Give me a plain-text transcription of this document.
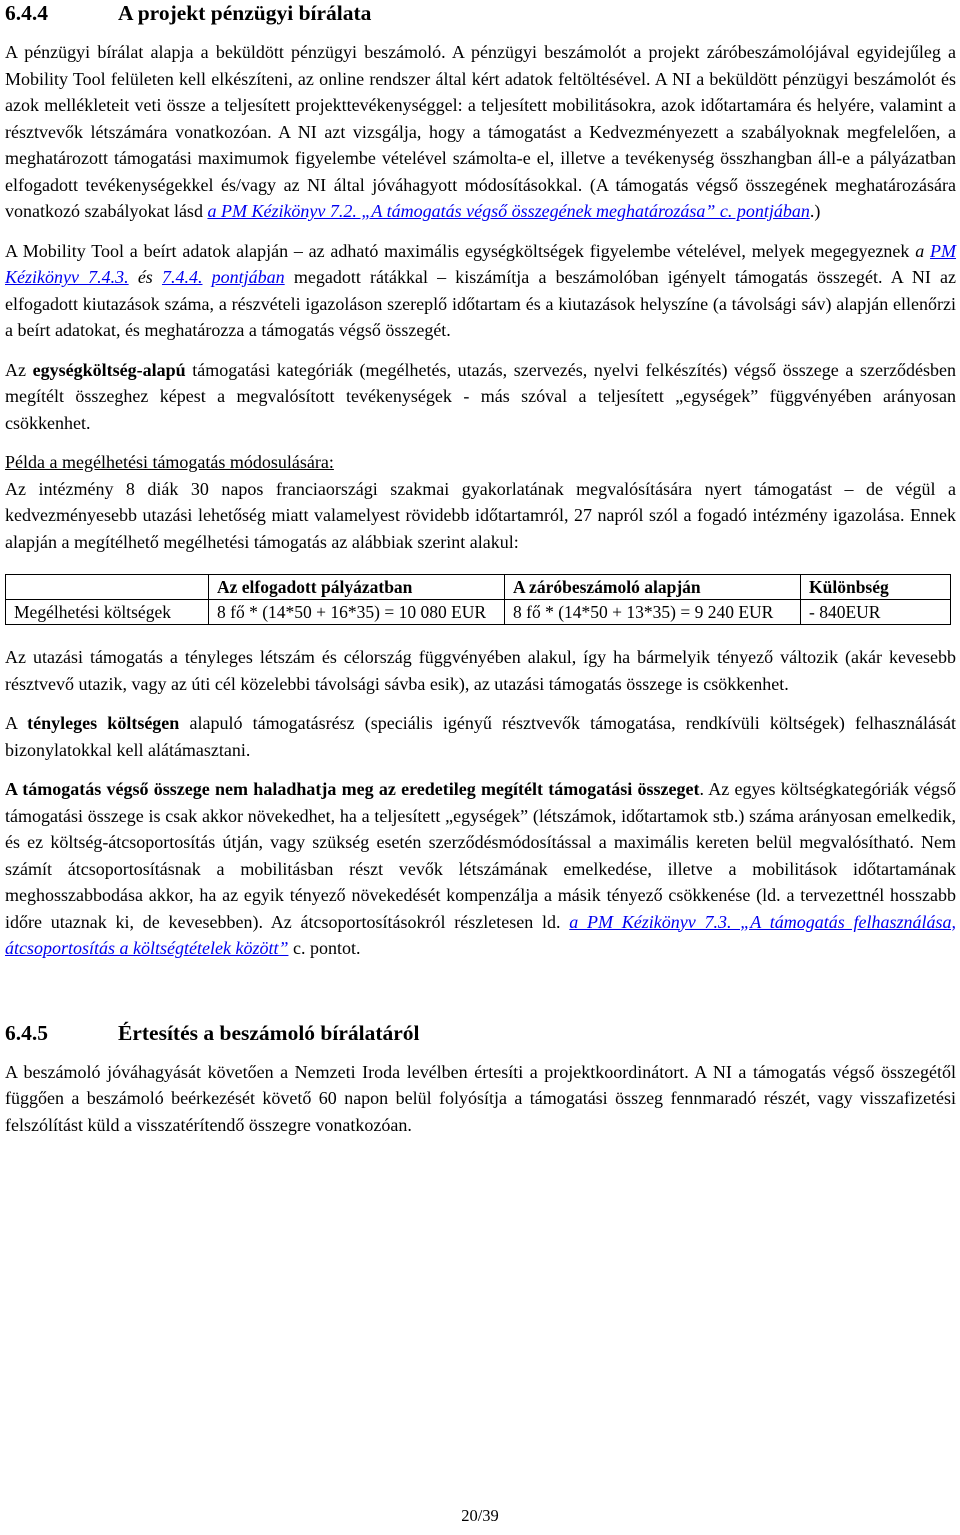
6.4.4	A projekt pénzügyi bírálata

A pénzügyi bírálat alapja a beküldött pénzügyi beszámoló. A pénzügyi beszámolót a projekt záróbeszámolójával egyidejűleg a Mobility Tool felületen kell elkészíteni, az online rendszer által kért adatok feltöltésével. A NI a beküldött pénzügyi beszámolót és azok mellékleteit veti össze a teljesített projekttevékenységgel: a teljesített mobilitásokra, azok időtartamára és helyére, valamint a résztvevők létszámára vonatkozóan. A NI azt vizsgálja, hogy a támogatást a Kedvezményezett a szabályoknak megfelelően, a meghatározott támogatási maximumok figyelembe vételével számolta-e el, illetve a tevékenység összhangban áll-e a pályázatban elfogadott tevékenységekkel és/vagy az NI által jóváhagyott módosításokkal. (A támogatás végső összegének meghatározására vonatkozó szabályokat lásd a PM Kézikönyv 7.2. „A támogatás végső összegének meghatározása” c. pontjában.)

A Mobility Tool a beírt adatok alapján – az adható maximális egységköltségek figyelembe vételével, melyek megegyeznek a PM Kézikönyv 7.4.3. és 7.4.4. pontjában megadott rátákkal – kiszámítja a beszámolóban igényelt támogatás összegét. A NI az elfogadott kiutazások száma, a részvételi igazoláson szereplő időtartam és a kiutazások helyszíne (a távolsági sáv) alapján ellenőrzi a beírt adatokat, és meghatározza a támogatás végső összegét.

Az egységköltség-alapú támogatási kategóriák (megélhetés, utazás, szervezés, nyelvi felkészítés) végső összege a szerződésben megítélt összeghez képest a megvalósított tevékenységek - más szóval a teljesített „egységek” függvényében arányosan csökkenhet.

Példa a megélhetési támogatás módosulására:

Az intézmény 8 diák 30 napos franciaországi szakmai gyakorlatának megvalósítására nyert támogatást – de végül a kedvezményesebb utazási lehetőség miatt valamelyest rövidebb időtartamról, 27 napról szól a fogadó intézmény igazolása. Ennek alapján a megítélhető megélhetési támogatás az alábbiak szerint alakul:

	Az elfogadott pályázatban	A záróbeszámoló alapján	Különbség
Megélhetési költségek	8 fő * (14*50 + 16*35) = 10 080 EUR	8 fő * (14*50 + 13*35) = 9 240 EUR	- 840EUR

Az utazási támogatás a tényleges létszám és célország függvényében alakul, így ha bármelyik tényező változik (akár kevesebb résztvevő utazik, vagy az úti cél közelebbi távolsági sávba esik), az utazási támogatás összege is csökkenhet.

A tényleges költségen alapuló támogatásrész (speciális igényű résztvevők támogatása, rendkívüli költségek) felhasználását bizonylatokkal kell alátámasztani.

A támogatás végső összege nem haladhatja meg az eredetileg megítélt támogatási összeget. Az egyes költségkategóriák végső támogatási összege is csak akkor növekedhet, ha a teljesített „egységek” (létszámok, időtartamok stb.) száma arányosan emelkedik, és ez költség-átcsoportosítás útján, vagy szükség esetén szerződésmódosítással a maximális kereten belül megvalósítható. Nem számít átcsoportosításnak a mobilitásban részt vevők létszámának emelkedése, illetve a mobilitások időtartamának meghosszabbodása akkor, ha az egyik tényező növekedését kompenzálja a másik tényező csökkenése (ld. a tervezettnél hosszabb időre utaznak ki, de kevesebben). Az átcsoportosításokról részletesen ld. a PM Kézikönyv 7.3. „A támogatás felhasználása, átcsoportosítás a költségtételek között” c. pontot.

6.4.5	Értesítés a beszámoló bírálatáról

A beszámoló jóváhagyását követően a Nemzeti Iroda levélben értesíti a projektkoordinátort. A NI a támogatás végső összegétől függően a beszámoló beérkezését követő 60 napon belül folyósítja a támogatási összeg fennmaradó részét, vagy visszafizetési felszólítást küld a visszatérítendő összegre vonatkozóan.

20/39
